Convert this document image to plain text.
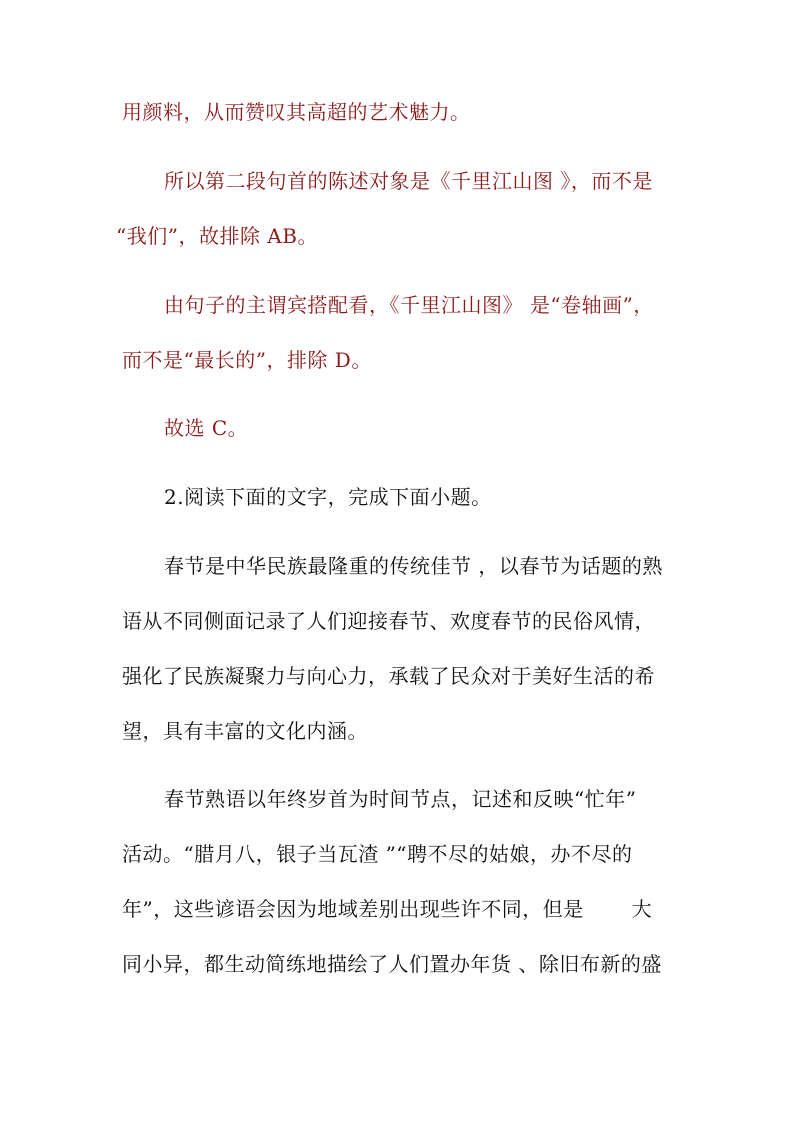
用颜料，从而赞叹其高超的艺术魅力。

所以第二段句首的陈述对象是《千里江山图 》，而不是

“我们”，故排除 AB。

由句子的主谓宾搭配看，《千里江山图》 是“卷轴画”，

而不是“最长的”，排除 D。

故选 C。

2.阅读下面的文字，完成下面小题。

春节是中华民族最隆重的传统佳节 ，以春节为话题的熟

语从不同侧面记录了人们迎接春节、欢度春节的民俗风情，

强化了民族凝聚力与向心力，承载了民众对于美好生活的希

望，具有丰富的文化内涵。

春节熟语以年终岁首为时间节点，记述和反映“忙年”

活动。“腊月八，银子当瓦渣 ”“聘不尽的姑娘，办不尽的

年”，这些谚语会因为地域差别出现些许不同，但是 　　大

同小异，都生动简练地描绘了人们置办年货 、除旧布新的盛
